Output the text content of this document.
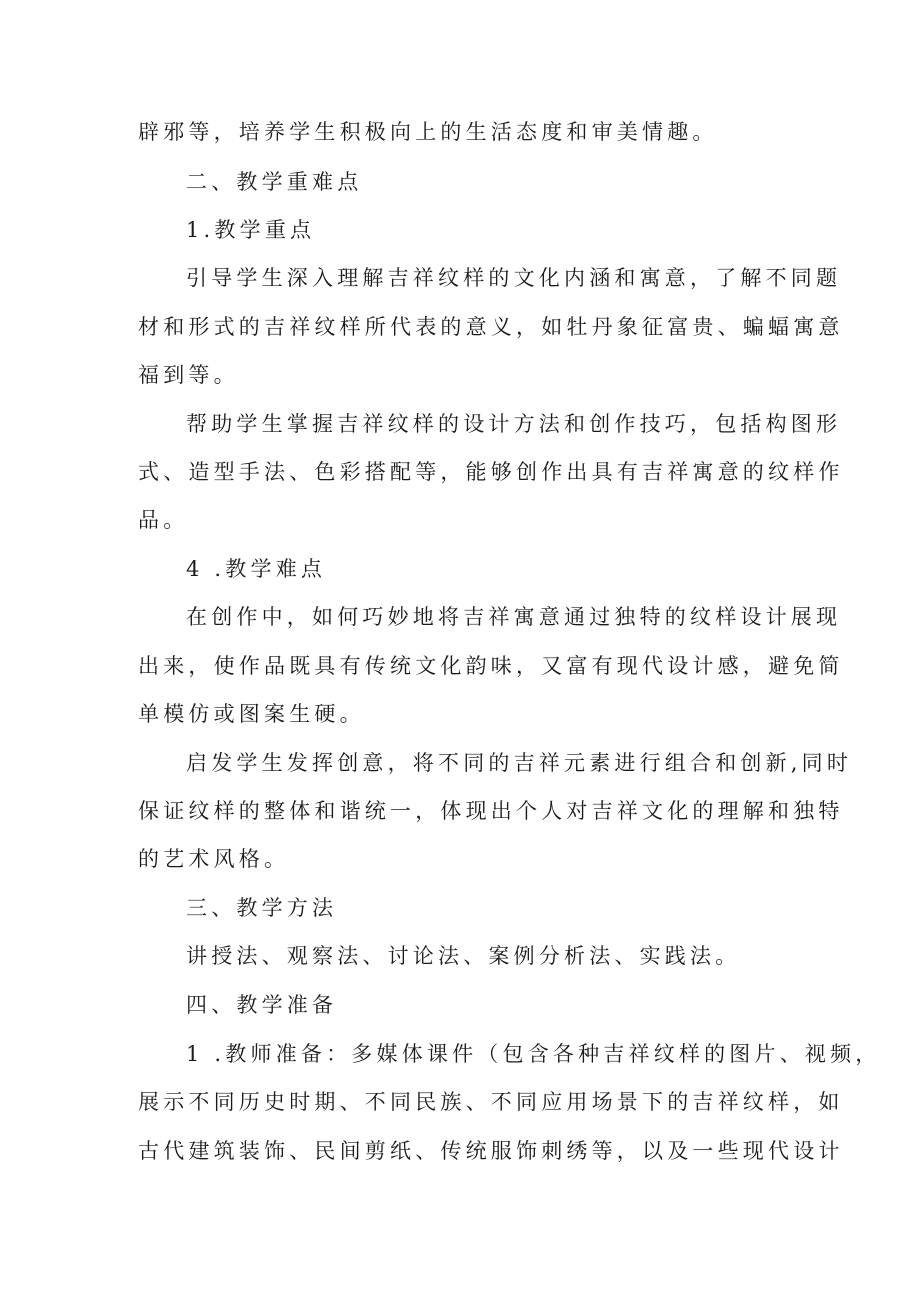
辟邪等，培养学生积极向上的生活态度和审美情趣。
二、教学重难点
1.教学重点
引导学生深入理解吉祥纹样的文化内涵和寓意，了解不同题
材和形式的吉祥纹样所代表的意义，如牡丹象征富贵、蝙蝠寓意
福到等。
帮助学生掌握吉祥纹样的设计方法和创作技巧，包括构图形
式、造型手法、色彩搭配等，能够创作出具有吉祥寓意的纹样作
品。
4 .教学难点
在创作中，如何巧妙地将吉祥寓意通过独特的纹样设计展现
出来，使作品既具有传统文化韵味，又富有现代设计感，避免简
单模仿或图案生硬。
启发学生发挥创意，将不同的吉祥元素进行组合和创新,同时
保证纹样的整体和谐统一，体现出个人对吉祥文化的理解和独特
的艺术风格。
三、教学方法
讲授法、观察法、讨论法、案例分析法、实践法。
四、教学准备
1 .教师准备：多媒体课件（包含各种吉祥纹样的图片、视频，
展示不同历史时期、不同民族、不同应用场景下的吉祥纹样，如
古代建筑装饰、民间剪纸、传统服饰刺绣等，以及一些现代设计
